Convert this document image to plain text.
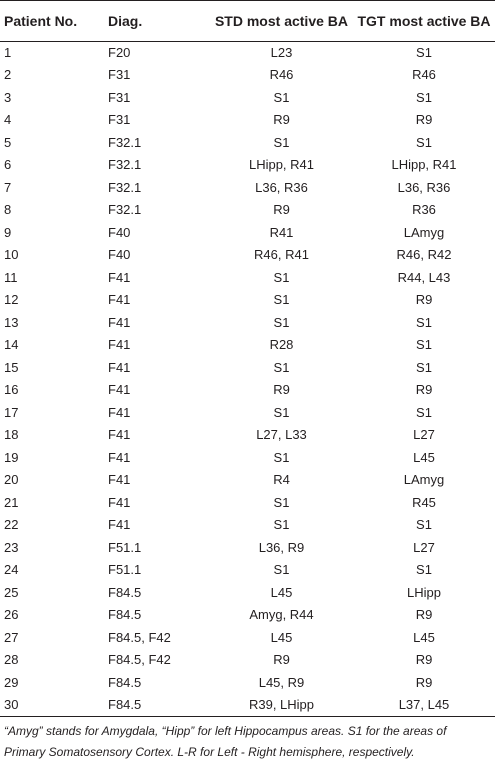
Patient No.	Diag.	STD most active BA	TGT most active BA
1	F20	L23	S1
2	F31	R46	R46
3	F31	S1	S1
4	F31	R9	R9
5	F32.1	S1	S1
6	F32.1	LHipp, R41	LHipp, R41
7	F32.1	L36, R36	L36, R36
8	F32.1	R9	R36
9	F40	R41	LAmyg
10	F40	R46, R41	R46, R42
11	F41	S1	R44, L43
12	F41	S1	R9
13	F41	S1	S1
14	F41	R28	S1
15	F41	S1	S1
16	F41	R9	R9
17	F41	S1	S1
18	F41	L27, L33	L27
19	F41	S1	L45
20	F41	R4	LAmyg
21	F41	S1	R45
22	F41	S1	S1
23	F51.1	L36, R9	L27
24	F51.1	S1	S1
25	F84.5	L45	LHipp
26	F84.5	Amyg, R44	R9
27	F84.5, F42	L45	L45
28	F84.5, F42	R9	R9
29	F84.5	L45, R9	R9
30	F84.5	R39, LHipp	L37, L45
“Amyg” stands for Amygdala, “Hipp” for left Hippocampus areas. S1 for the areas of Primary Somatosensory Cortex. L-R for Left - Right hemisphere, respectively.
